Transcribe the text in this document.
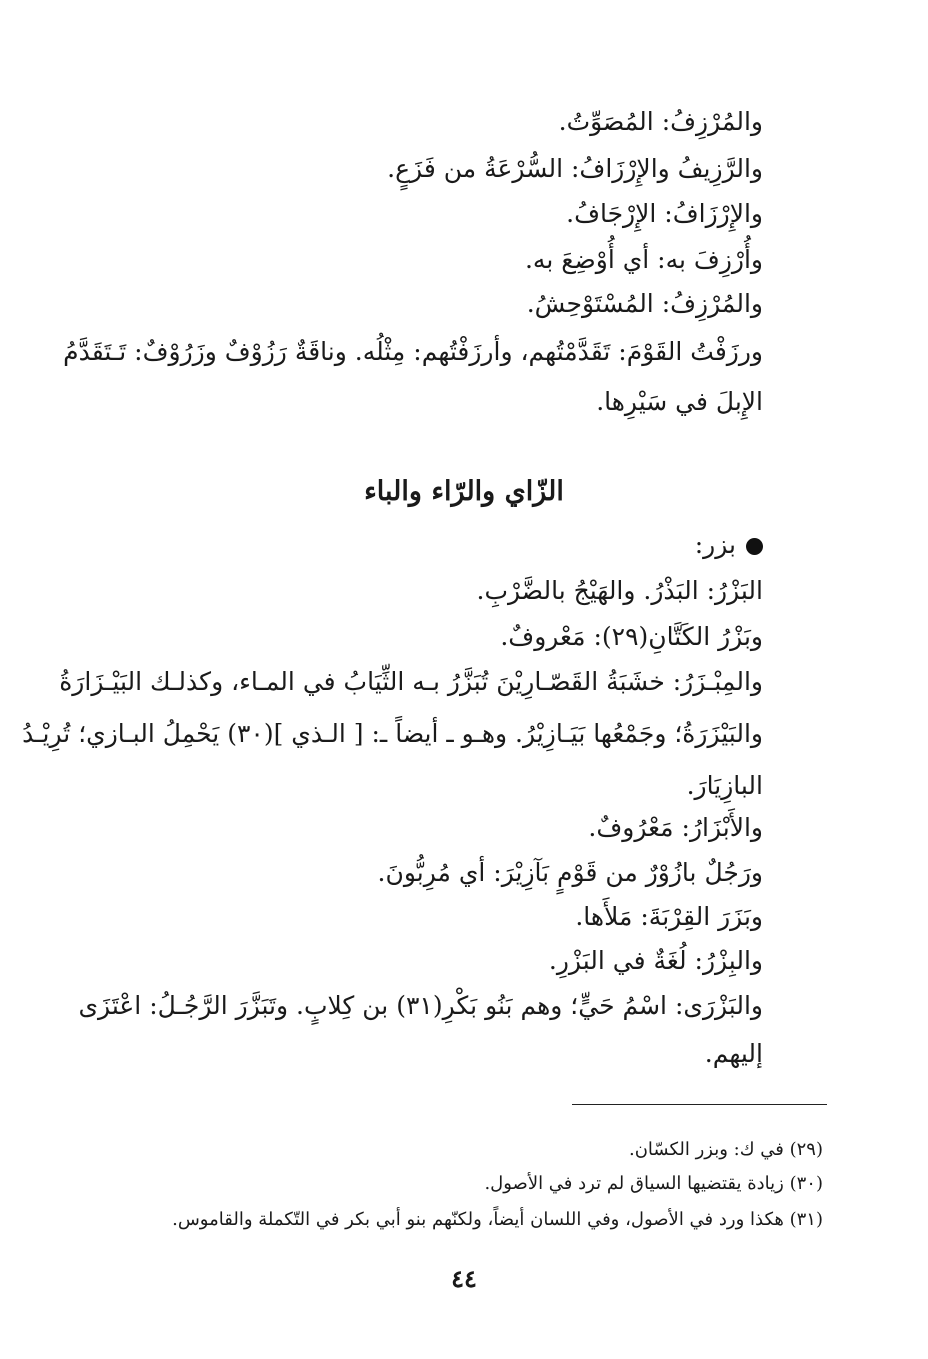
والمُرْزِفُ: المُصَوِّتُ.
والرَّزِيفُ والإِرْزَافُ: السُّرْعَةُ من فَزَعٍ.
والإِرْزَافُ: الإِرْجَافُ.
وأُرْزِفَ به: أي أُوْضِعَ به.
والمُرْزِفُ: المُسْتَوْحِشُ.
ورزَفْتُ القَوْمَ: تَقَدَّمْتُهم، وأرزَفْتُهم: مِثْلُه. وناقَةٌ رَزُوْفٌ وزَرُوْفٌ: تَـتَقَدَّمُ
الإِبلَ في سَيْرِها.
الزّاي والرّاء والباء
بزر:
البَزْرُ: البَذْرُ. والهَيْجُ بالضَّرْبِ.
وبَزْرُ الكَتَّانِ(٢٩): مَعْروفٌ.
والمِبْـزَرُ: خشَبَةُ القَصّـارِيْنَ تُبَزَّرُ بـه الثِّيَابُ في المـاء، وكذلـك البَيْـزَارَةُ
والبَيْزَرَةُ؛ وجَمْعُها بَيَـازِيْرُ. وهـو ـ أيضاً ـ: [ الـذي ](٣٠) يَحْمِلُ البـازي؛ تُرِيْـدُ
البازِيَارَ.
والأَبْزَارُ: مَعْرُوفٌ.
ورَجُلٌ بازُوْرٌ من قَوْمٍ بَآزِيْرَ: أي مُرِبُّونَ.
وبَزَرَ القِرْبَةَ: مَلأَها.
والبِزْرُ: لُغَةٌ في البَزْرِ.
والبَزْرَى: اسْمُ حَيٍّ؛ وهم بَنُو بَكْرِ(٣١) بن كِلابٍ. وتَبَزَّرَ الرَّجُـلُ: اعْتَزَى
إليهم.
(٢٩) في ك: وبزر الكسّان.
(٣٠) زيادة يقتضيها السياق لم ترد في الأصول.
(٣١) هكذا ورد في الأصول، وفي اللسان أيضاً، ولكنّهم بنو أبي بكر في التّكملة والقاموس.
٤٤
